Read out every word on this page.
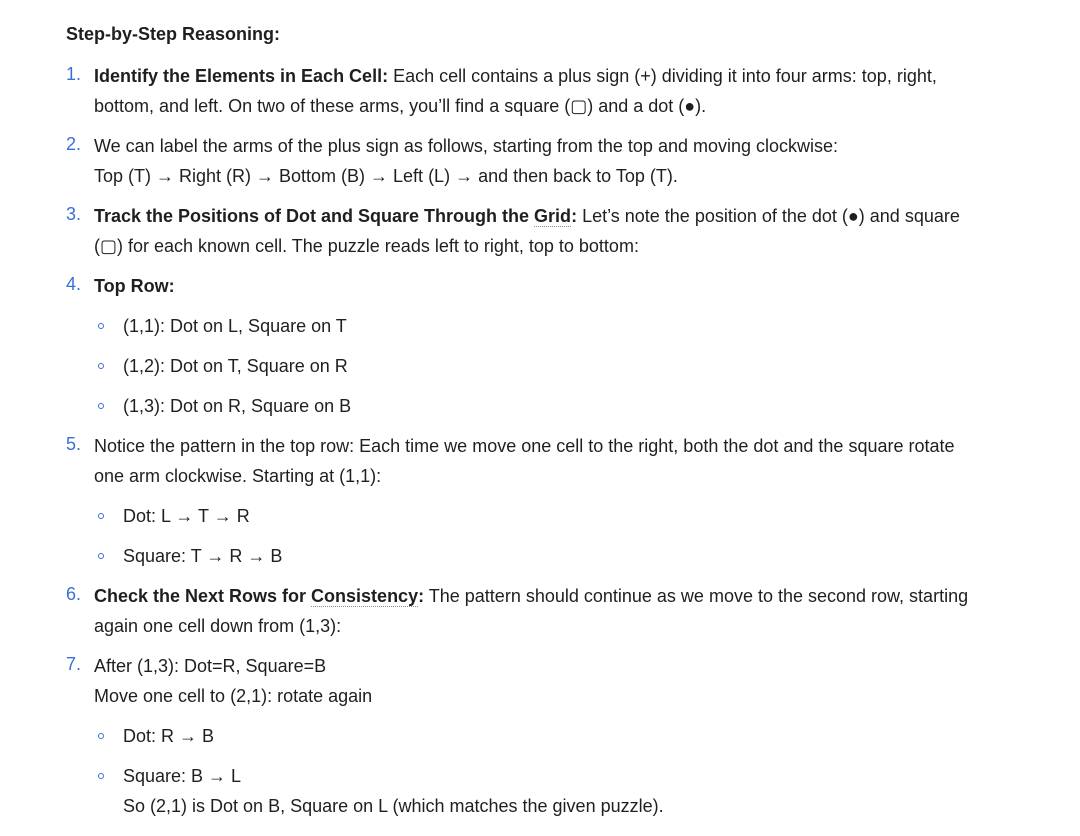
Step-by-Step Reasoning:
1. Identify the Elements in Each Cell: Each cell contains a plus sign (+) dividing it into four arms: top, right,
bottom, and left. On two of these arms, you’ll find a square (▢) and a dot (●).
2. We can label the arms of the plus sign as follows, starting from the top and moving clockwise:
Top (T) → Right (R) → Bottom (B) → Left (L) → and then back to Top (T).
3. Track the Positions of Dot and Square Through the Grid: Let’s note the position of the dot (●) and square
(▢) for each known cell. The puzzle reads left to right, top to bottom:
4. Top Row:
(1,1): Dot on L, Square on T
(1,2): Dot on T, Square on R
(1,3): Dot on R, Square on B
5. Notice the pattern in the top row: Each time we move one cell to the right, both the dot and the square rotate
one arm clockwise. Starting at (1,1):
Dot: L → T → R
Square: T → R → B
6. Check the Next Rows for Consistency: The pattern should continue as we move to the second row, starting
again one cell down from (1,3):
7. After (1,3): Dot=R, Square=B
Move one cell to (2,1): rotate again
Dot: R → B
Square: B → L
So (2,1) is Dot on B, Square on L (which matches the given puzzle).
